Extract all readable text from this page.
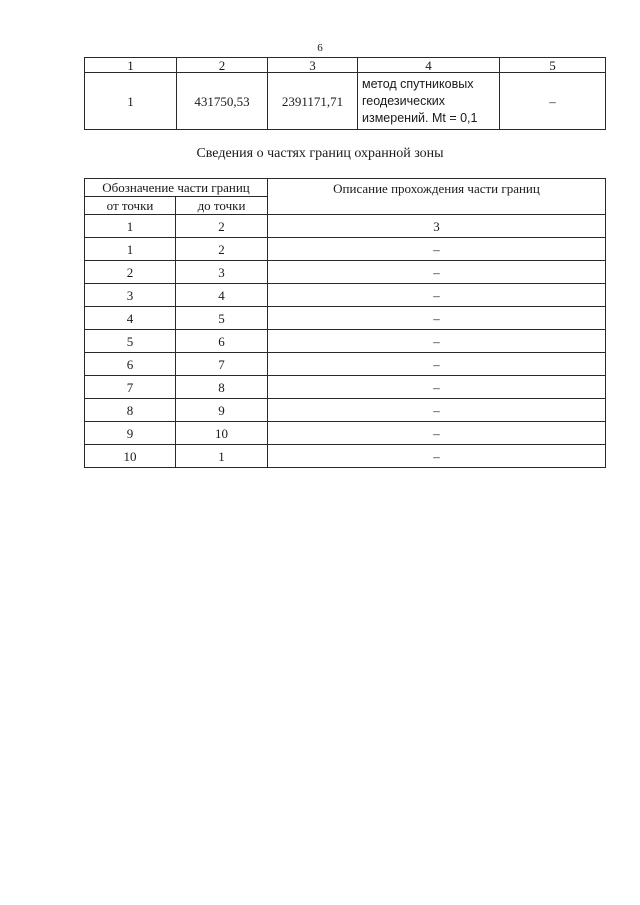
6
1	2	3	4	5
1	431750,53	2391171,71	метод спутниковых
геодезических
измерений. Mt = 0,1	–
Сведения о частях границ охранной зоны
Обозначение части границ		Описание прохождения части границ
от точки	до точки	
1	2	3
1	2	–
2	3	–
3	4	–
4	5	–
5	6	–
6	7	–
7	8	–
8	9	–
9	10	–
10	1	–
